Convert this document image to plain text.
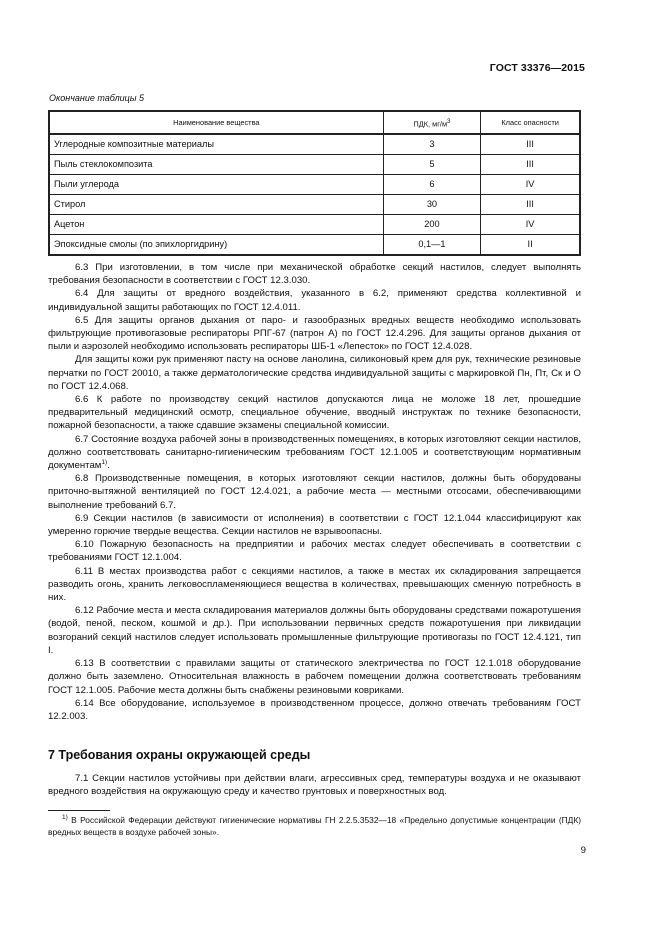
ГОСТ 33376—2015
Окончание таблицы 5
Наименование вещества	ПДК, $мг/м^3$	Класс опасности
Углеродные композитные материалы	3	III
Пыль стеклокомпозита	5	III
Пыли углерода	6	IV
Стирол	30	III
Ацетон	200	IV
Эпоксидные смолы (по эпихлоргидрину)	0,1—1	II

6.3 При изготовлении, в том числе при механической обработке секций настилов, следует выполнять требования безопасности в соответствии с ГОСТ 12.3.030.

6.4 Для защиты от вредного воздействия, указанного в 6.2, применяют средства коллективной и индивидуальной защиты работающих по ГОСТ 12.4.011.

6.5 Для защиты органов дыхания от паро- и газообразных вредных веществ необходимо использовать фильтрующие противогазовые респираторы РПГ-67 (патрон А) по ГОСТ 12.4.296. Для защиты органов дыхания от пыли и аэрозолей необходимо использовать респираторы ШБ-1 «Лепесток» по ГОСТ 12.4.028.

Для защиты кожи рук применяют пасту на основе ланолина, силиконовый крем для рук, технические резиновые перчатки по ГОСТ 20010, а также дерматологические средства индивидуальной защиты с маркировкой Пн, Пт, Ск и О по ГОСТ 12.4.068.

6.6 К работе по производству секций настилов допускаются лица не моложе 18 лет, прошедшие предварительный медицинский осмотр, специальное обучение, вводный инструктаж по технике безопасности, пожарной безопасности, а также сдавшие экзамены специальной комиссии.

6.7 Состояние воздуха рабочей зоны в производственных помещениях, в которых изготовляют секции настилов, должно соответствовать санитарно-гигиеническим требованиям ГОСТ 12.1.005 и соответствующим нормативным документам$^{1)}$.

6.8 Производственные помещения, в которых изготовляют секции настилов, должны быть оборудованы приточно-вытяжной вентиляцией по ГОСТ 12.4.021, а рабочие места — местными отсосами, обеспечивающими выполнение требований 6.7.

6.9 Секции настилов (в зависимости от исполнения) в соответствии с ГОСТ 12.1.044 классифицируют как умеренно горючие твердые вещества. Секции настилов не взрывоопасны.

6.10 Пожарную безопасность на предприятии и рабочих местах следует обеспечивать в соответствии с требованиями ГОСТ 12.1.004.

6.11 В местах производства работ с секциями настилов, а также в местах их складирования запрещается разводить огонь, хранить легковоспламеняющиеся вещества в количествах, превышающих сменную потребность в них.

6.12 Рабочие места и места складирования материалов должны быть оборудованы средствами пожаротушения (водой, пеной, песком, кошмой и др.). При использовании первичных средств пожаротушения при ликвидации возгораний секций настилов следует использовать промышленные фильтрующие противогазы по ГОСТ 12.4.121, тип I.

6.13 В соответствии с правилами защиты от статического электричества по ГОСТ 12.1.018 оборудование должно быть заземлено. Относительная влажность в рабочем помещении должна соответствовать требованиям ГОСТ 12.1.005. Рабочие места должны быть снабжены резиновыми ковриками.

6.14 Все оборудование, используемое в производственном процессе, должно отвечать требованиям ГОСТ 12.2.003.

7 Требования охраны окружающей среды

7.1 Секции настилов устойчивы при действии влаги, агрессивных сред, температуры воздуха и не оказывают вредного воздействия на окружающую среду и качество грунтовых и поверхностных вод.

$^{1)}$ В Российской Федерации действуют гигиенические нормативы ГН 2.2.5.3532—18 «Предельно допустимые концентрации (ПДК) вредных веществ в воздухе рабочей зоны».

9
